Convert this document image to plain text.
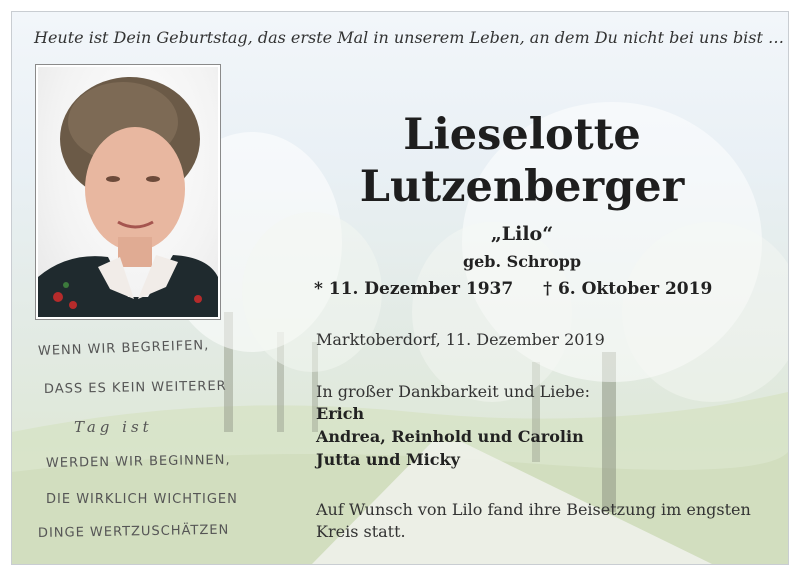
Heute ist Dein Geburtstag, das erste Mal in unserem Leben, an dem Du nicht bei uns bist …
Lieselotte
Lutzenberger
„Lilo“
geb. Schropp
* 11. Dezember 1937 † 6. Oktober 2019
Marktoberdorf, 11. Dezember 2019
In großer Dankbarkeit und Liebe:
Erich
Andrea, Reinhold und Carolin
Jutta und Micky
Auf Wunsch von Lilo fand ihre Beisetzung im engsten
Kreis statt.
WENN WIR BEGREIFEN,
DASS ES KEIN WEITERER
Tag ist
WERDEN WIR BEGINNEN,
DIE WIRKLICH WICHTIGEN
DINGE WERTZUSCHÄTZEN
